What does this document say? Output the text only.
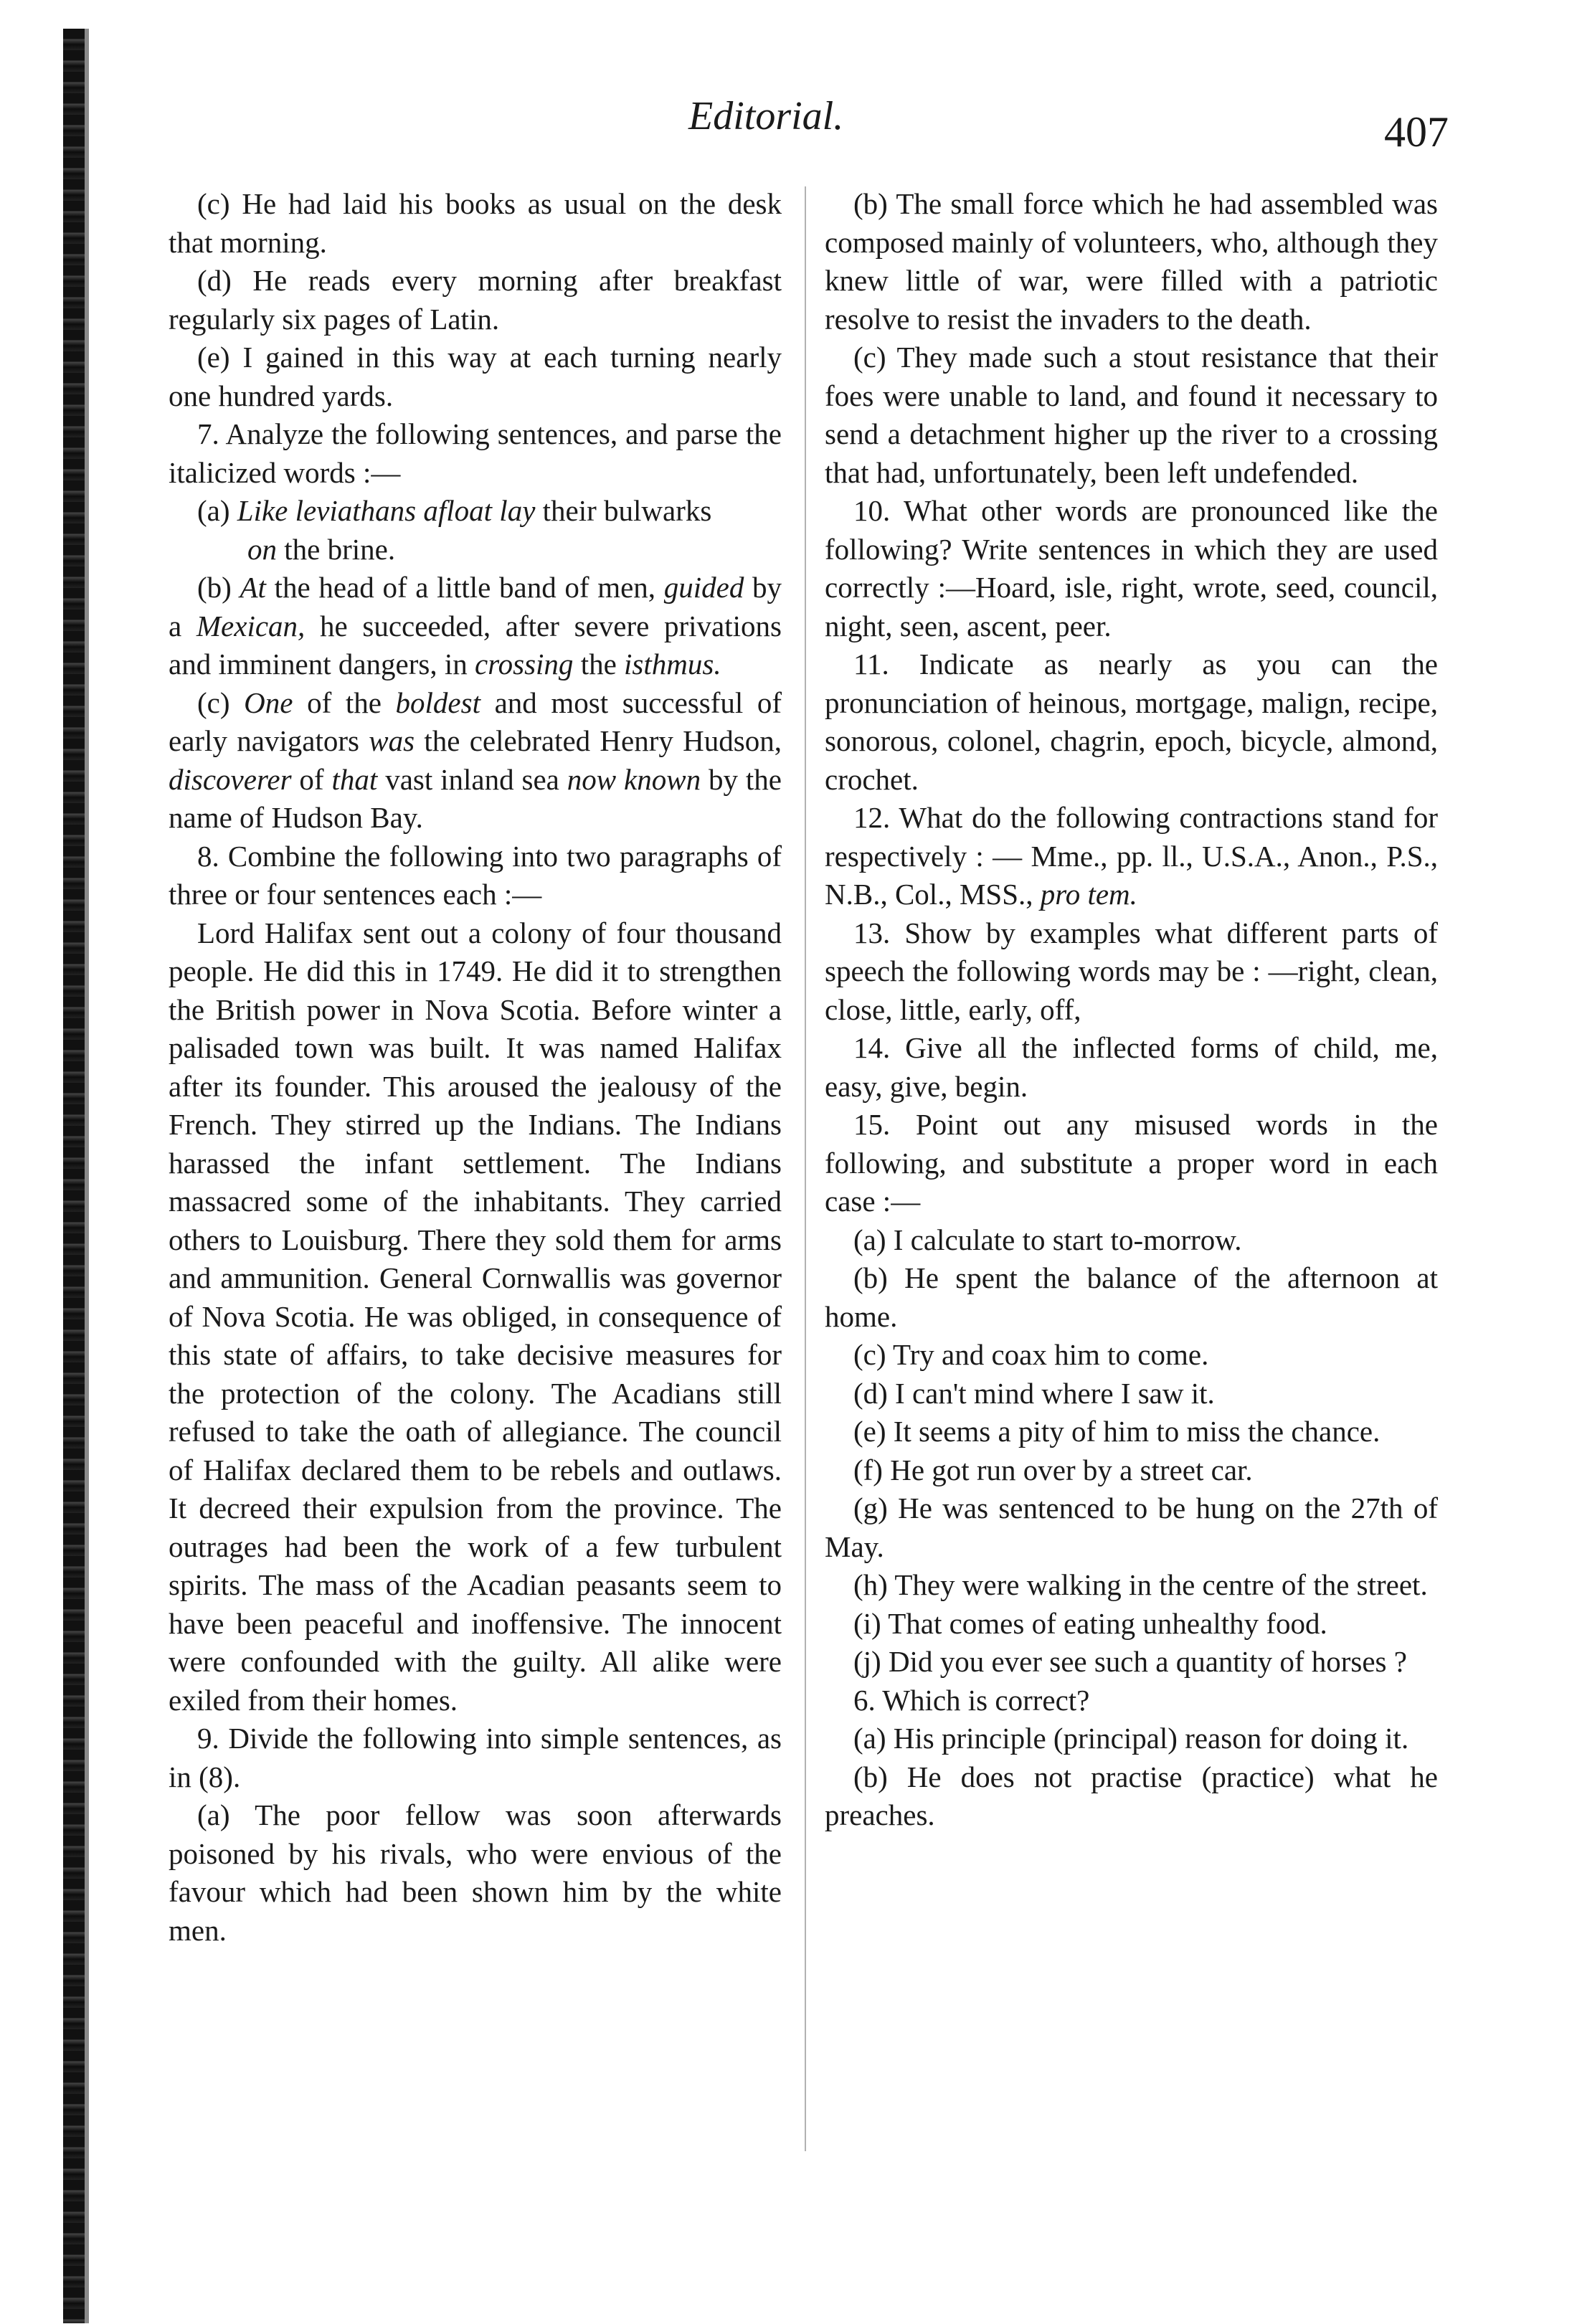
Editorial.	407

(c) He had laid his books as usual on the desk that morning.

(d) He reads every morning after breakfast regularly six pages of Latin.

(e) I gained in this way at each turning nearly one hundred yards.

7. Analyze the following sentences, and parse the italicized words :—

(a) Like leviathans afloat lay their bulwarks
on the brine.

(b) At the head of a little band of men, guided by a Mexican, he succeeded, after severe privations and imminent dangers, in crossing the isthmus.

(c) One of the boldest and most successful of early navigators was the celebrated Henry Hudson, discoverer of that vast inland sea now known by the name of Hudson Bay.

8. Combine the following into two paragraphs of three or four sentences each :—

Lord Halifax sent out a colony of four thousand people. He did this in 1749. He did it to strengthen the British power in Nova Scotia. Before winter a palisaded town was built. It was named Halifax after its founder. This aroused the jealousy of the French. They stirred up the Indians. The Indians harassed the infant settlement. The Indians massacred some of the inhabitants. They carried others to Louisburg. There they sold them for arms and ammunition. General Cornwallis was governor of Nova Scotia. He was obliged, in consequence of this state of affairs, to take decisive measures for the protection of the colony. The Acadians still refused to take the oath of allegiance. The council of Halifax declared them to be rebels and outlaws. It decreed their expulsion from the province. The outrages had been the work of a few turbulent spirits. The mass of the Acadian peasants seem to have been peaceful and inoffensive. The innocent were confounded with the guilty. All alike were exiled from their homes.

9. Divide the following into simple sentences, as in (8).

(a) The poor fellow was soon afterwards poisoned by his rivals, who were envious of the favour which had been shown him by the white men.

(b) The small force which he had assembled was composed mainly of volunteers, who, although they knew little of war, were filled with a patriotic resolve to resist the invaders to the death.

(c) They made such a stout resistance that their foes were unable to land, and found it necessary to send a detachment higher up the river to a crossing that had, unfortunately, been left undefended.

10. What other words are pronounced like the following? Write sentences in which they are used correctly :—Hoard, isle, right, wrote, seed, council, night, seen, ascent, peer.

11. Indicate as nearly as you can the pronunciation of heinous, mortgage, malign, recipe, sonorous, colonel, chagrin, epoch, bicycle, almond, crochet.

12. What do the following contractions stand for respectively : — Mme., pp. ll., U.S.A., Anon., P.S., N.B., Col., MSS., pro tem.

13. Show by examples what different parts of speech the following words may be : —right, clean, close, little, early, off,

14. Give all the inflected forms of child, me, easy, give, begin.

15. Point out any misused words in the following, and substitute a proper word in each case :—

(a) I calculate to start to-morrow.

(b) He spent the balance of the afternoon at home.

(c) Try and coax him to come.

(d) I can't mind where I saw it.

(e) It seems a pity of him to miss the chance.

(f) He got run over by a street car.

(g) He was sentenced to be hung on the 27th of May.

(h) They were walking in the centre of the street.

(i) That comes of eating unhealthy food.

(j) Did you ever see such a quantity of horses ?

6. Which is correct?

(a) His principle (principal) reason for doing it.

(b) He does not practise (practice) what he preaches.
